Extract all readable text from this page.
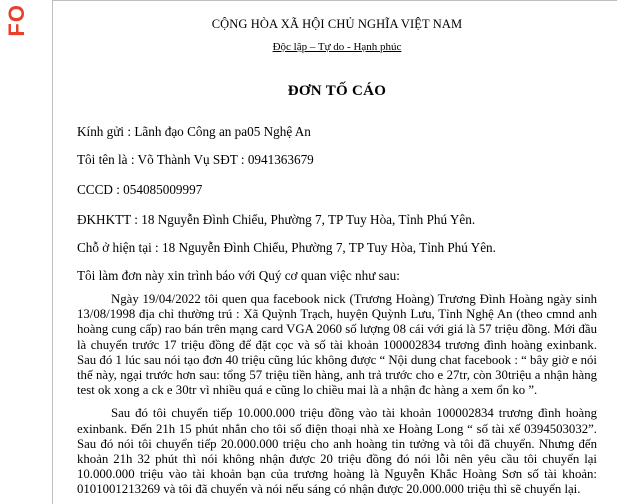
FO	CỘNG HÒA XÃ HỘI CHỦ NGHĨA VIỆT NAM
Độc lập – Tự do - Hạnh phúc
ĐƠN TỐ CÁO
Kính gửi : Lãnh đạo Công an pa05 Nghệ An
Tôi tên là : Võ Thành Vụ SĐT : 0941363679
CCCD : 054085009997
ĐKHKTT : 18 Nguyễn Đình Chiểu, Phường 7, TP Tuy Hòa, Tỉnh Phú Yên.
Chỗ ở hiện tại : 18 Nguyễn Đình Chiểu, Phường 7, TP Tuy Hòa, Tỉnh Phú Yên.
Tôi làm đơn này xin trình báo với Quý cơ quan việc như sau:
Ngày 19/04/2022 tôi quen qua facebook nick (Trương Hoàng) Trương Đình Hoàng ngày sinh 13/08/1998 địa chỉ thường trú : Xã Quỳnh Trạch, huyện Quỳnh Lưu, Tỉnh Nghệ An (theo cmnd anh hoàng cung cấp) rao bán trên mạng card VGA 2060 số lượng 08 cái với giá là 57 triệu đồng. Mới đầu là chuyển trước 17 triệu đồng để đặt cọc và số tài khoản 100002834 trương đình hoàng exinbank. Sau đó 1 lúc sau nói tạo đơn 40 triệu cũng lúc không được “ Nội dung chat facebook : “ bây giờ e nói thế này, ngại trước hơn sau: tổng 57 triệu tiền hàng, anh trả trước cho e 27tr, còn 30triệu a nhận hàng test ok xong a ck e 30tr vì nhiều quá e cũng lo chiều mai là a nhận đc hàng a xem ổn ko ”.
Sau đó tôi chuyển tiếp 10.000.000 triệu đồng vào tài khoản 100002834 trương đình hoàng exinbank. Đến 21h 15 phút nhắn cho tôi số điện thoại nhà xe Hoàng Long “ số tài xế 0394503032”. Sau đó nói tôi chuyển tiếp 20.000.000 triệu cho anh hoàng tin tưởng và tôi đã chuyển. Nhưng đến khoản 21h 32 phút thì nói không nhận được 20 triệu đồng đó nói lỗi nên yêu cầu tôi chuyển lại 10.000.000 triệu vào tài khoản bạn của trương hoàng là Nguyễn Khắc Hoàng Sơn số tài khoản: 0101001213269 và tôi đã chuyển và nói nếu sáng có nhận được 20.000.000 triệu thì sẽ chuyển lại.
